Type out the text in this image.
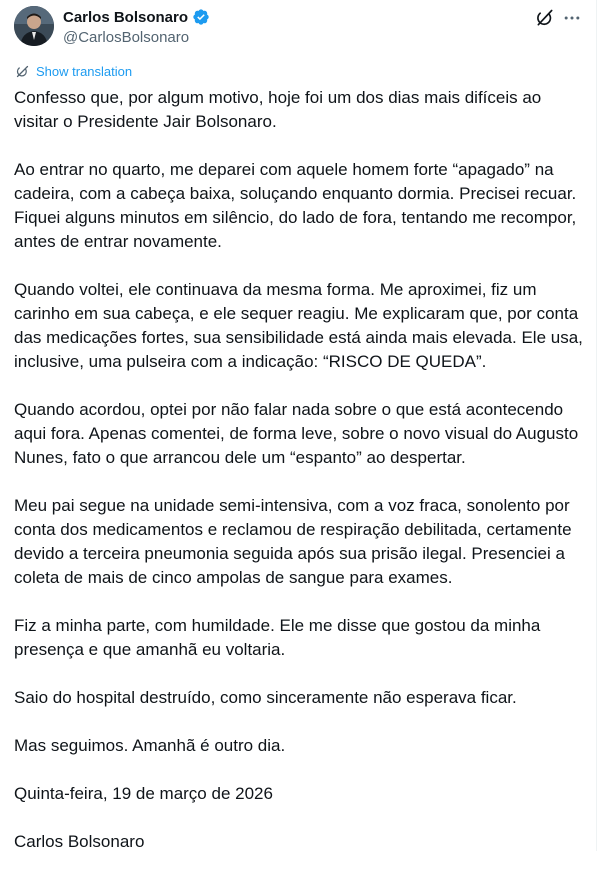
Carlos Bolsonaro
@CarlosBolsonaro
Show translation

Confesso que, por algum motivo, hoje foi um dos dias mais difíceis ao visitar o Presidente Jair Bolsonaro.

Ao entrar no quarto, me deparei com aquele homem forte “apagado” na cadeira, com a cabeça baixa, soluçando enquanto dormia. Precisei recuar. Fiquei alguns minutos em silêncio, do lado de fora, tentando me recompor, antes de entrar novamente.

Quando voltei, ele continuava da mesma forma. Me aproximei, fiz um carinho em sua cabeça, e ele sequer reagiu. Me explicaram que, por conta das medicações fortes, sua sensibilidade está ainda mais elevada. Ele usa, inclusive, uma pulseira com a indicação: “RISCO DE QUEDA”.

Quando acordou, optei por não falar nada sobre o que está acontecendo aqui fora. Apenas comentei, de forma leve, sobre o novo visual do Augusto Nunes, fato o que arrancou dele um “espanto” ao despertar.

Meu pai segue na unidade semi-intensiva, com a voz fraca, sonolento por conta dos medicamentos e reclamou de respiração debilitada, certamente devido a terceira pneumonia seguida após sua prisão ilegal. Presenciei a coleta de mais de cinco ampolas de sangue para exames.

Fiz a minha parte, com humildade. Ele me disse que gostou da minha presença e que amanhã eu voltaria.

Saio do hospital destruído, como sinceramente não esperava ficar.

Mas seguimos. Amanhã é outro dia.

Quinta-feira, 19 de março de 2026

Carlos Bolsonaro
